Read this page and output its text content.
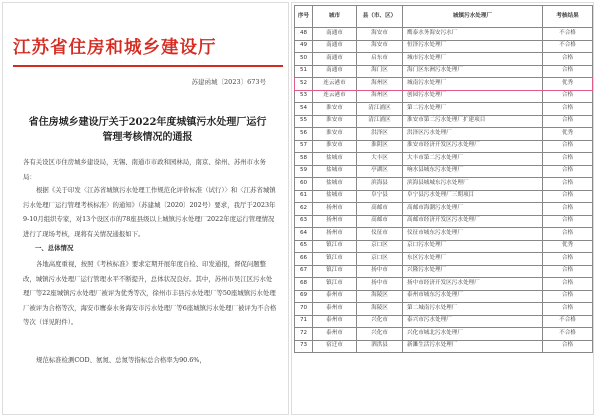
江苏省住房和城乡建设厅
苏建函城〔2023〕673号
省住房城乡建设厅关于2022年度城镇污水处理厂运行管理考核情况的通报
各有关设区市住房城乡建设局，无锡、南通市市政和园林局，南京、徐州、苏州市水务局：
根据《关于印发〈江苏省城镇污水处理工作规范化评价标准（试行）〉和〈江苏省城镇污水处理厂运行管理考核标准〉的通知》（苏建城〔2020〕202号）要求，我厅于2023年9-10月组织专家，对13个设区市的78座县级以上城镇污水处理厂2022年度运行管理情况进行了现场考核，现将有关情况通报如下。
一、总体情况
各地高度重视，按照《考核标准》要求定期开展年度自检、印发通报，督促问题整改，城镇污水处理厂运行管理水平不断提升，总体状况良好。其中，苏州市吴江区污水处理厂等22座城镇污水处理厂被评为优秀等次，徐州市丰县污水处理厂等50座城镇污水处理厂被评为合格等次，海安市鹰泰水务海安市污水处理厂等6座城镇污水处理厂被评为不合格等次（详见附件）。
规范标准检测COD、氨氮、总氮等指标总合格率为90.6%，
序号	城市	县（市、区）	城镇污水处理厂	考核结果
48	南通市	海安市	鹰泰水务海安污水厂	不合格
49	南通市	海安市	恒泽污水处理厂	不合格
50	南通市	启东市	城市污水处理厂	合格
51	南通市	海门区	海门区东洲污水处理厂	合格
52	连云港市	海州区	城南污水处理厂	优秀
53	连云港市	海州区	创园污水处理厂	合格
54	淮安市	清江浦区	第二污水处理厂	合格
55	淮安市	清江浦区	淮安市第二污水处理厂扩建项目	合格
56	淮安市	洪泽区	洪泽区污水处理厂	优秀
57	淮安市	淮阴区	淮安市经济开发区污水处理厂	合格
58	盐城市	大丰区	大丰市第二污水处理厂	合格
59	盐城市	亭湖区	响水县城东污水处理厂	合格
60	盐城市	滨海县	滨海县城城东污水处理厂	合格
61	盐城市	阜宁县	阜宁县污水处理厂三期项目	合格
62	扬州市	高邮市	高邮市海潮污水处理厂	合格
63	扬州市	高邮市	高邮市经济开发区污水处理厂	合格
64	扬州市	仪征市	仪征市城东污水处理厂	合格
65	镇江市	京口区	京口污水处理厂	优秀
66	镇江市	京口区	东区污水处理厂	合格
67	镇江市	扬中市	兴隆污水处理厂	合格
68	镇江市	扬中市	扬中市经济开发区污水处理厂	合格
69	泰州市	海陵区	泰州市城东污水处理厂	合格
70	泰州市	海陵区	第二城南污水处理厂	合格
71	泰州市	兴化市	泰兴市污水处理厂	不合格
72	泰州市	兴化市	兴化市城北污水处理厂	不合格
73	宿迁市	泗洪县	新濉生活污水处理厂	合格
